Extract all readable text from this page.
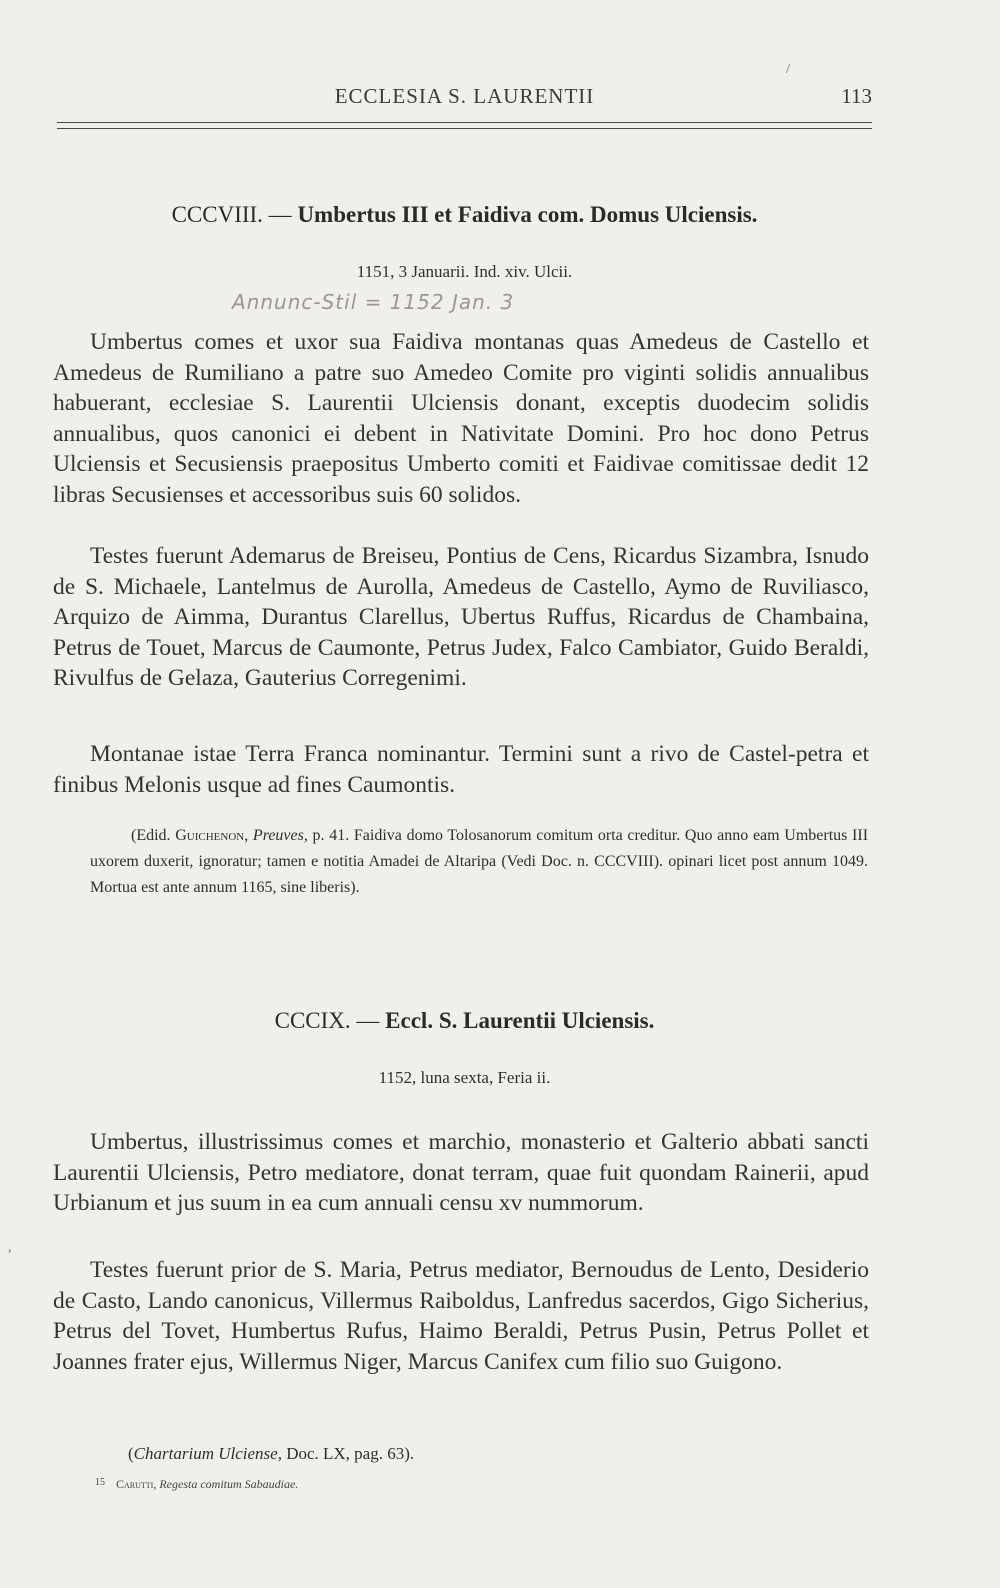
/
,
ECCLESIA S. LAURENTII	113
CCCVIII. — Umbertus III et Faidiva com. Domus Ulciensis.
1151, 3 Januarii. Ind. xiv. Ulcii.
Annunc-Stil = 1152 Jan. 3

Umbertus comes et uxor sua Faidiva montanas quas Amedeus de Castello et Amedeus de Rumiliano a patre suo Amedeo Comite pro viginti solidis annualibus habuerant, ecclesiae S. Laurentii Ulciensis donant, exceptis duodecim solidis annualibus, quos canonici ei debent in Nativitate Domini. Pro hoc dono Petrus Ulciensis et Secusiensis praepositus Umberto comiti et Faidivae comitissae dedit 12 libras Secusienses et accessoribus suis 60 solidos.

Testes fuerunt Ademarus de Breiseu, Pontius de Cens, Ricardus Sizambra, Isnudo de S. Michaele, Lantelmus de Aurolla, Amedeus de Castello, Aymo de Ruviliasco, Arquizo de Aimma, Durantus Clarellus, Ubertus Ruffus, Ricardus de Chambaina, Petrus de Touet, Marcus de Caumonte, Petrus Judex, Falco Cambiator, Guido Beraldi, Rivulfus de Gelaza, Gauterius Corregenimi.

Montanae istae Terra Franca nominantur. Termini sunt a rivo de Castel-petra et finibus Melonis usque ad fines Caumontis.

(Edid. Guichenon, Preuves, p. 41. Faidiva domo Tolosanorum comitum orta creditur. Quo anno eam Umbertus III uxorem duxerit, ignoratur; tamen e notitia Amadei de Altaripa (Vedi Doc. n. CCCVIII). opinari licet post annum 1049. Mortua est ante annum 1165, sine liberis).

CCCIX. — Eccl. S. Laurentii Ulciensis.
1152, luna sexta, Feria ii.

Umbertus, illustrissimus comes et marchio, monasterio et Galterio abbati sancti Laurentii Ulciensis, Petro mediatore, donat terram, quae fuit quondam Rainerii, apud Urbianum et jus suum in ea cum annuali censu xv nummorum.

Testes fuerunt prior de S. Maria, Petrus mediator, Bernoudus de Lento, Desiderio de Casto, Lando canonicus, Villermus Raiboldus, Lanfredus sacerdos, Gigo Sicherius, Petrus del Tovet, Humbertus Rufus, Haimo Beraldi, Petrus Pusin, Petrus Pollet et Joannes frater ejus, Willermus Niger, Marcus Canifex cum filio suo Guigono.

(Chartarium Ulciense, Doc. LX, pag. 63).
$^{15}$ Carutti, Regesta comitum Sabaudiae.
